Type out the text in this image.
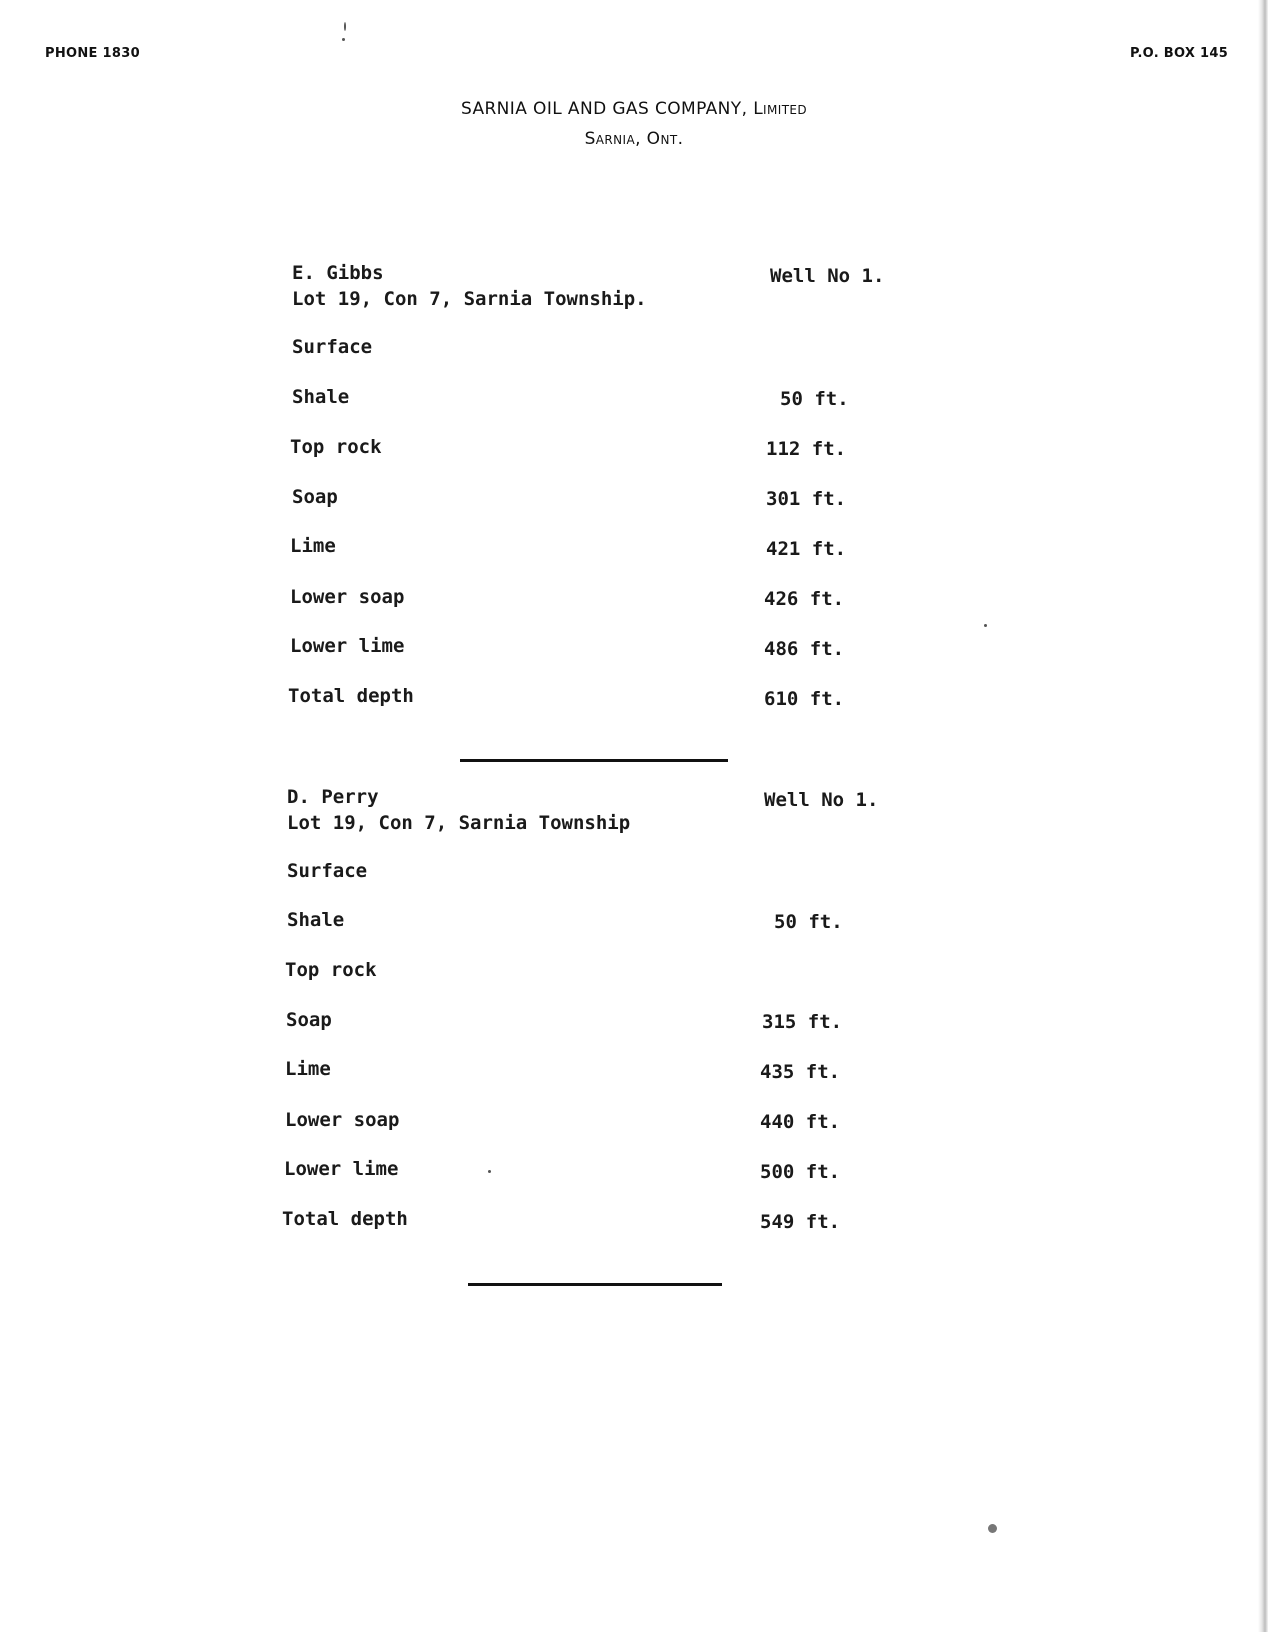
PHONE 1830	P.O. BOX 145
SARNIA OIL AND GAS COMPANY, Limited
Sarnia, Ont.
E. Gibbs	Well No 1.
Lot 19, Con 7, Sarnia Township.
Surface
Shale	50 ft.
Top rock	112 ft.
Soap	301 ft.
Lime	421 ft.
Lower soap	426 ft.
Lower lime	486 ft.
Total depth	610 ft.
D. Perry	Well No 1.
Lot 19, Con 7, Sarnia Township
Surface
Shale	50 ft.
Top rock
Soap	315 ft.
Lime	435 ft.
Lower soap	440 ft.
Lower lime	500 ft.
Total depth	549 ft.
